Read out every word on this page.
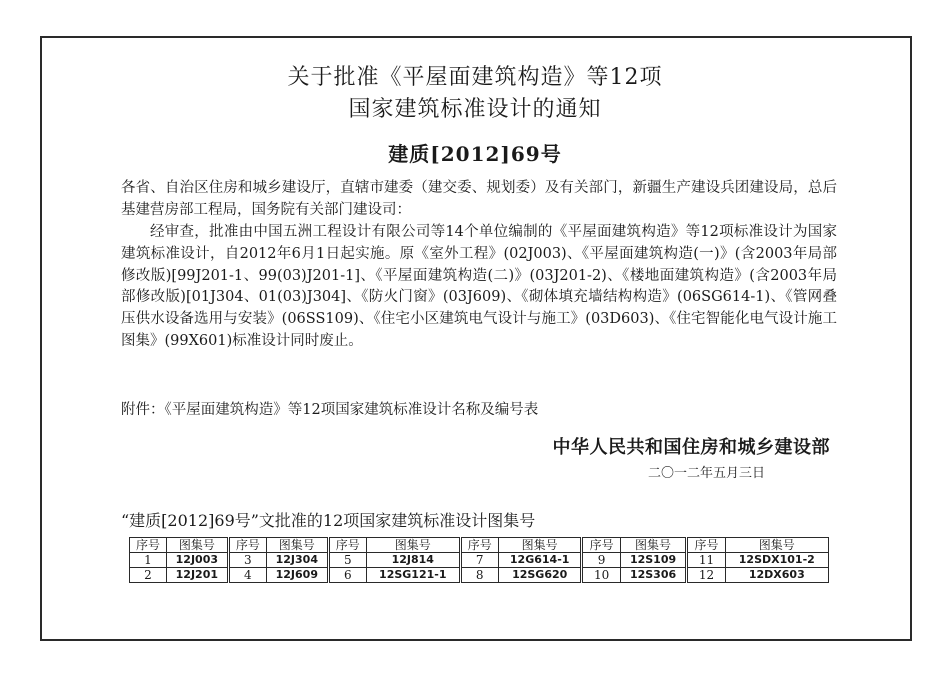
关于批准《平屋面建筑构造》等12项
国家建筑标准设计的通知
建质[2012]69号
各省、自治区住房和城乡建设厅，直辖市建委（建交委、规划委）及有关部门，新疆生产建设兵团建设局，总后基建营房部工程局，国务院有关部门建设司：
经审查，批准由中国五洲工程设计有限公司等14个单位编制的《平屋面建筑构造》等12项标准设计为国家建筑标准设计，自2012年6月1日起实施。原《室外工程》(02J003)、《平屋面建筑构造(一)》(含2003年局部修改版)[99J201-1、99(03)J201-1]、《平屋面建筑构造(二)》(03J201-2)、《楼地面建筑构造》(含2003年局部修改版)[01J304、01(03)J304]、《防火门窗》(03J609)、《砌体填充墙结构构造》(06SG614-1)、《管网叠压供水设备选用与安装》(06SS109)、《住宅小区建筑电气设计与施工》(03D603)、《住宅智能化电气设计施工图集》(99X601)标准设计同时废止。
附件：《平屋面建筑构造》等12项国家建筑标准设计名称及编号表
中华人民共和国住房和城乡建设部
二〇一二年五月三日
“建质[2012]69号”文批准的12项国家建筑标准设计图集号
序号	图集号	序号	图集号	序号	图集号	序号	图集号	序号	图集号	序号	图集号
1	12J003	3	12J304	5	12J814	7	12G614-1	9	12S109	11	12SDX101-2
2	12J201	4	12J609	6	12SG121-1	8	12SG620	10	12S306	12	12DX603
